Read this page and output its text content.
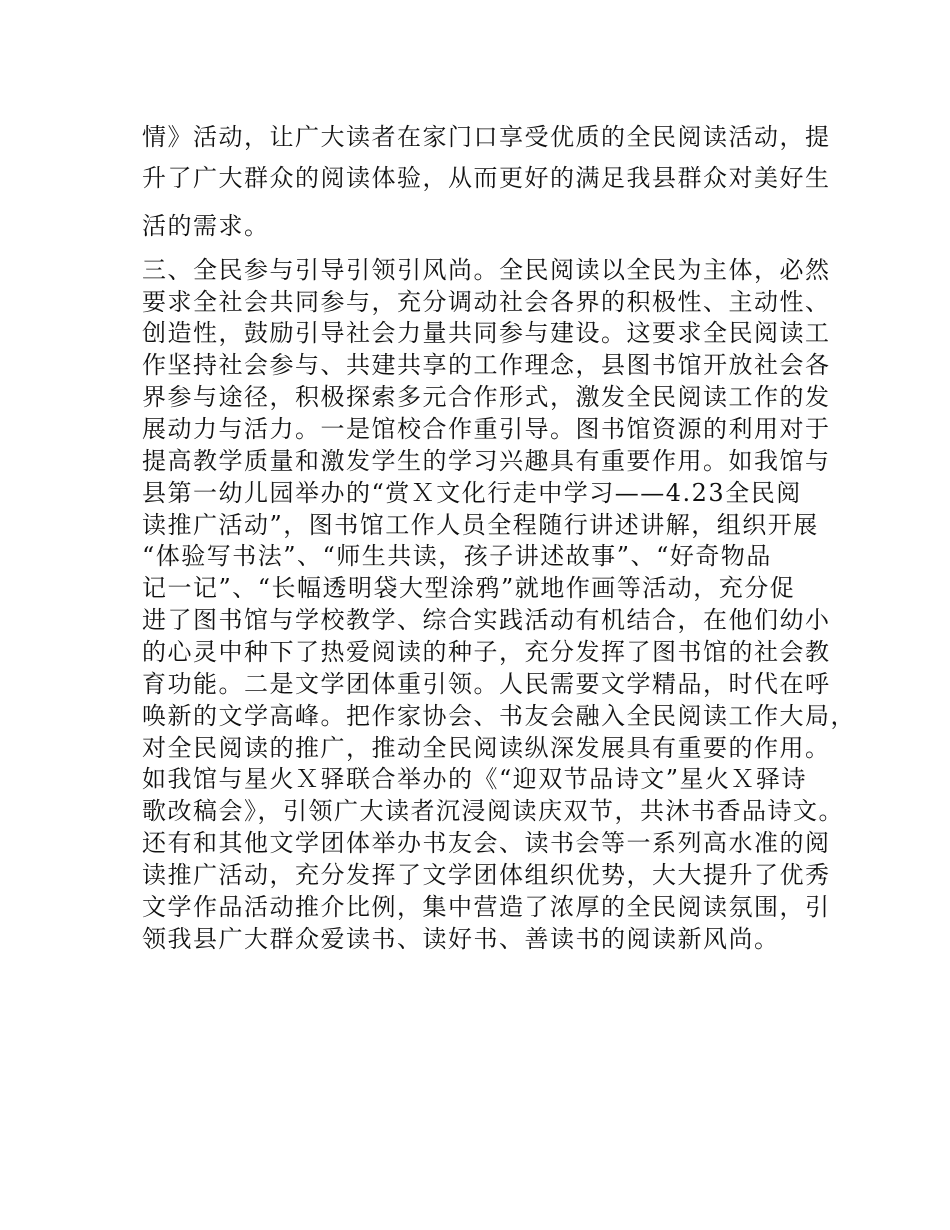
情》活动，让广大读者在家门口享受优质的全民阅读活动，提
升了广大群众的阅读体验，从而更好的满足我县群众对美好生
活的需求。
三、全民参与引导引领引风尚。全民阅读以全民为主体，必然
要求全社会共同参与，充分调动社会各界的积极性、主动性、
创造性，鼓励引导社会力量共同参与建设。这要求全民阅读工
作坚持社会参与、共建共享的工作理念，县图书馆开放社会各
界参与途径，积极探索多元合作形式，激发全民阅读工作的发
展动力与活力。一是馆校合作重引导。图书馆资源的利用对于
提高教学质量和激发学生的学习兴趣具有重要作用。如我馆与
县第一幼儿园举办的“赏Ｘ文化行走中学习——4.23全民阅
读推广活动”，图书馆工作人员全程随行讲述讲解，组织开展
“体验写书法”、“师生共读，孩子讲述故事”、“好奇物品
记一记”、“长幅透明袋大型涂鸦”就地作画等活动，充分促
进了图书馆与学校教学、综合实践活动有机结合，在他们幼小
的心灵中种下了热爱阅读的种子，充分发挥了图书馆的社会教
育功能。二是文学团体重引领。人民需要文学精品，时代在呼
唤新的文学高峰。把作家协会、书友会融入全民阅读工作大局，
对全民阅读的推广，推动全民阅读纵深发展具有重要的作用。
如我馆与星火Ｘ驿联合举办的《“迎双节品诗文”星火Ｘ驿诗
歌改稿会》，引领广大读者沉浸阅读庆双节，共沐书香品诗文。
还有和其他文学团体举办书友会、读书会等一系列高水准的阅
读推广活动，充分发挥了文学团体组织优势，大大提升了优秀
文学作品活动推介比例，集中营造了浓厚的全民阅读氛围，引
领我县广大群众爱读书、读好书、善读书的阅读新风尚。
